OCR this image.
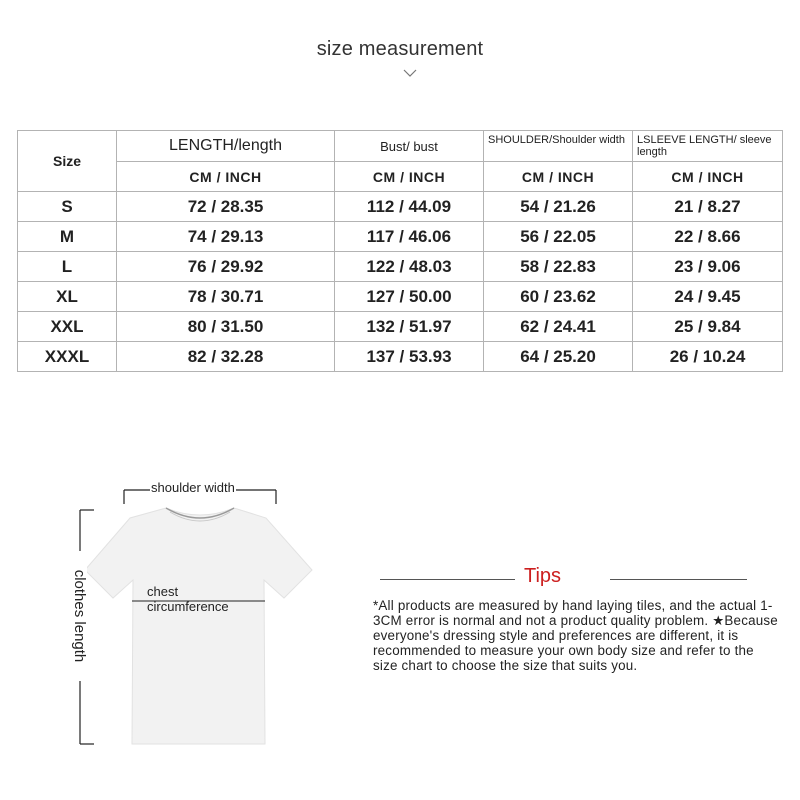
size measurement
Size	LENGTH/length	Bust/ bust	SHOULDER/Shoulder width	LSLEEVE LENGTH/ sleeve length
	CM / INCH	CM / INCH	CM / INCH	CM / INCH
S	72 / 28.35	112 / 44.09	54 / 21.26	21 / 8.27
M	74 / 29.13	117 / 46.06	56 / 22.05	22 / 8.66
L	76 / 29.92	122 / 48.03	58 / 22.83	23 / 9.06
XL	78 / 30.71	127 / 50.00	60 / 23.62	24 / 9.45
XXL	80 / 31.50	132 / 51.97	62 / 24.41	25 / 9.84
XXXL	82 / 32.28	137 / 53.93	64 / 25.20	26 / 10.24
shoulder width
chest
circumference
clothes length	Tips
*All products are measured by hand laying tiles, and the actual 1-3CM error is normal and not a product quality problem. ★Because everyone's dressing style and preferences are different, it is recommended to measure your own body size and refer to the size chart to choose the size that suits you.
